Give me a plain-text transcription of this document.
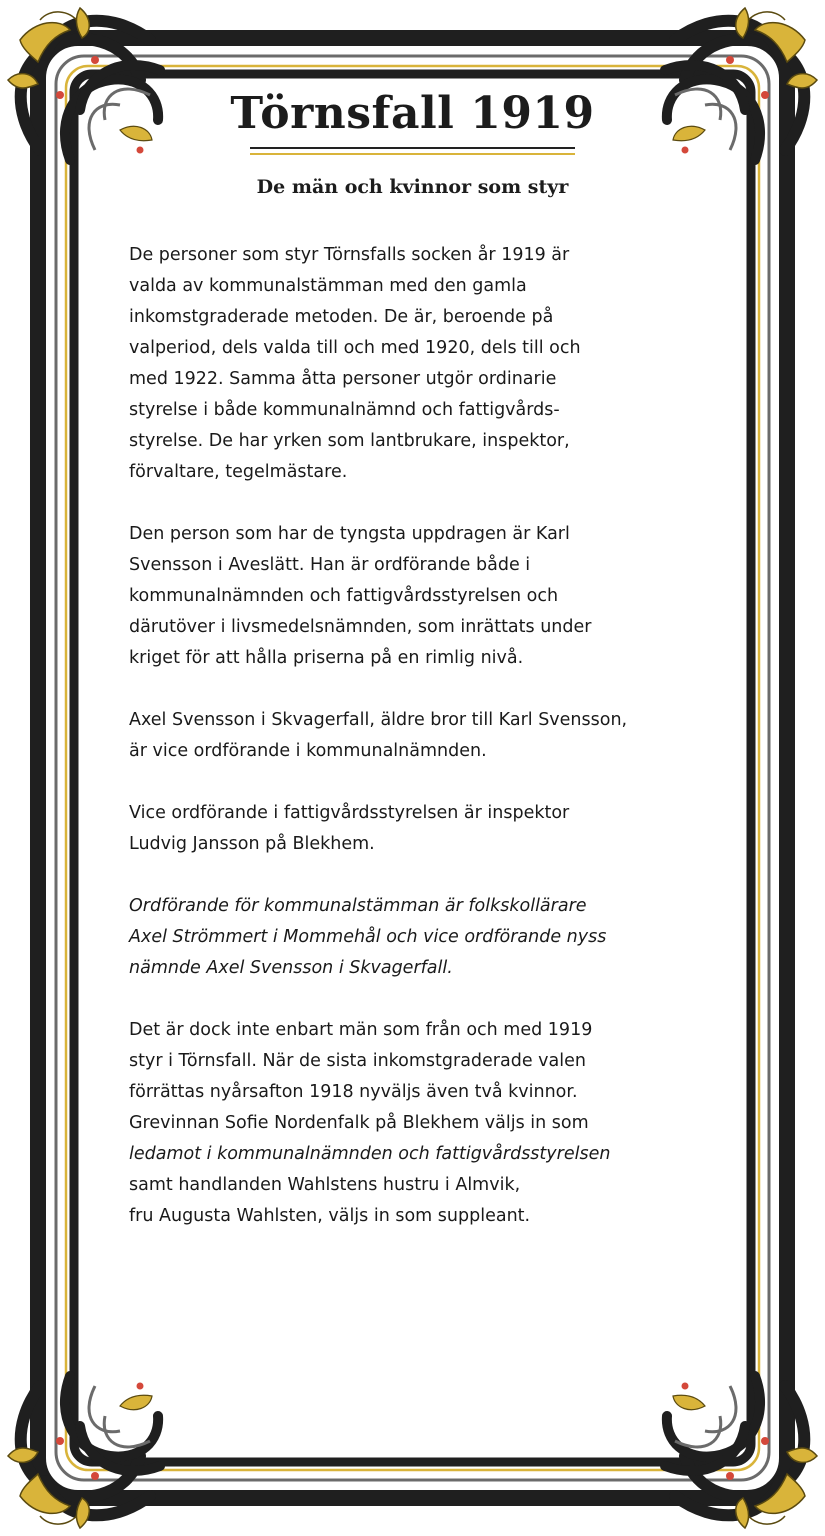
Törnsfall 1919
De män och kvinnor som styr

De personer som styr Törnsfalls socken år 1919 är
valda av kommunalstämman med den gamla
inkomstgraderade metoden. De är, beroende på
valperiod, dels valda till och med 1920, dels till och
med 1922. Samma åtta personer utgör ordinarie
styrelse i både kommunalnämnd och fattigvårds-
styrelse. De har yrken som lantbrukare, inspektor,
förvaltare, tegelmästare.

Den person som har de tyngsta uppdragen är Karl
Svensson i Aveslätt. Han är ordförande både i
kommunalnämnden och fattigvårdsstyrelsen och
därutöver i livsmedelsnämnden, som inrättats under
kriget för att hålla priserna på en rimlig nivå.

Axel Svensson i Skvagerfall, äldre bror till Karl Svensson,
är vice ordförande i kommunalnämnden.

Vice ordförande i fattigvårdsstyrelsen är inspektor
Ludvig Jansson på Blekhem.

Ordförande för kommunalstämman är folkskollärare
Axel Strömmert i Mommehål och vice ordförande nyss
nämnde Axel Svensson i Skvagerfall.

Det är dock inte enbart män som från och med 1919
styr i Törnsfall. När de sista inkomstgraderade valen
förrättas nyårsafton 1918 nyväljs även två kvinnor.
Grevinnan Sofie Nordenfalk på Blekhem väljs in som
ledamot i kommunalnämnden och fattigvårdsstyrelsen
samt handlanden Wahlstens hustru i Almvik,
fru Augusta Wahlsten, väljs in som suppleant.
